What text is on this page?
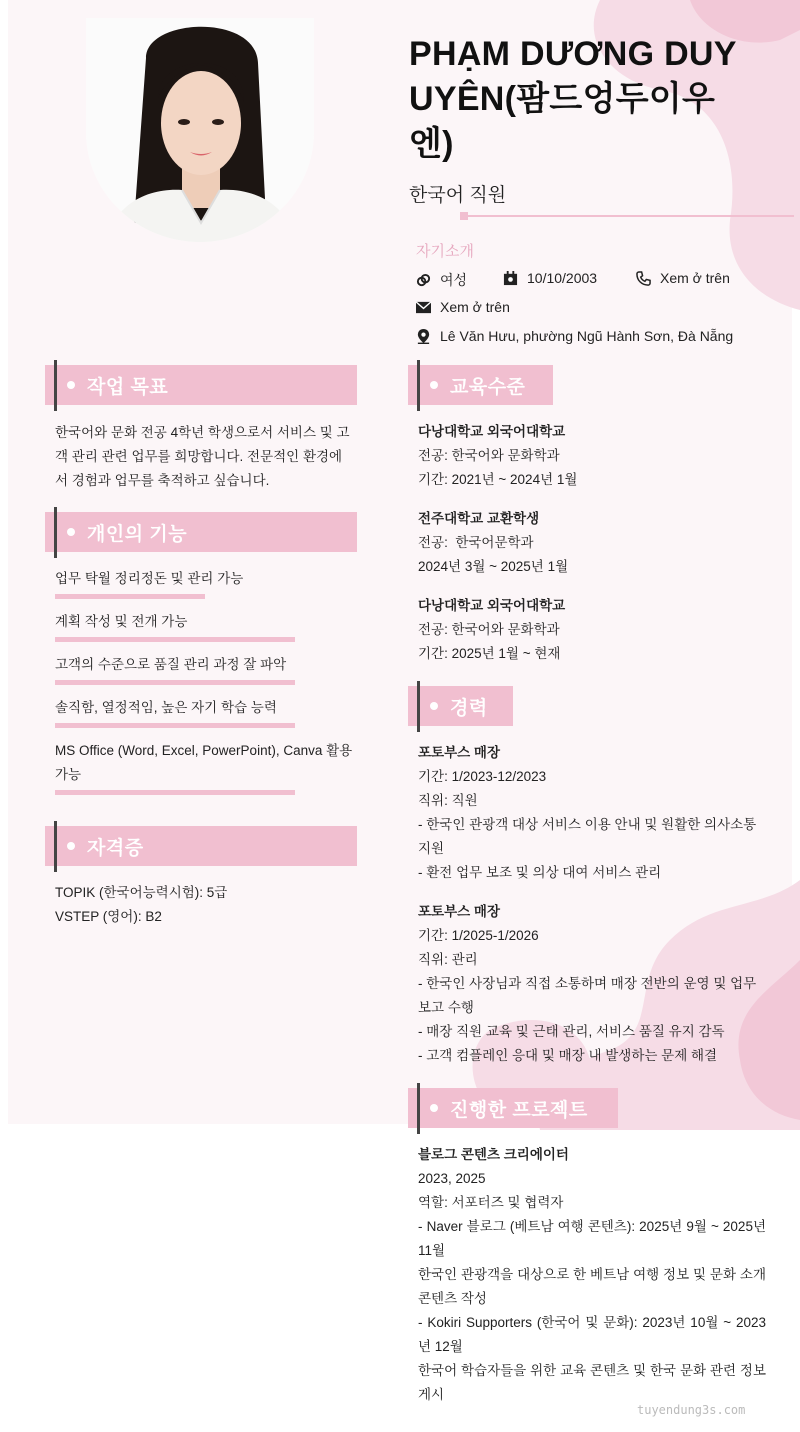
PHẠM DƯƠNG DUY UYÊN(팜드엉두이우엔)
한국어 직원
자기소개
여성	10/10/2003	Xem ở trên
Xem ở trên
Lê Văn Hưu, phường Ngũ Hành Sơn, Đà Nẵng
작업 목표
한국어와 문화 전공 4학년 학생으로서 서비스 및 고객 관리 관련 업무를 희망합니다. 전문적인 환경에서 경험과 업무를 축적하고 싶습니다.
개인의 기능
업무 탁월 정리정돈 및 관리 가능
계획 작성 및 전개 가능
고객의 수준으로 품질 관리 과정 잘 파악
솔직함, 열정적임, 높은 자기 학습 능력
MS Office (Word, Excel, PowerPoint), Canva 활용 가능
자격증
TOPIK (한국어능력시험): 5급
VSTEP (영어): B2
교육수준
다낭대학교 외국어대학교
전공: 한국어와 문화학과
기간: 2021년 ~ 2024년 1월
전주대학교 교환학생
전공:  한국어문학과
2024년 3월 ~ 2025년 1월
다낭대학교 외국어대학교
전공: 한국어와 문화학과
기간: 2025년 1월 ~ 현재
경력
포토부스 매장
기간: 1/2023-12/2023
직위: 직원
- 한국인 관광객 대상 서비스 이용 안내 및 원활한 의사소통 지원
- 환전 업무 보조 및 의상 대여 서비스 관리
포토부스 매장
기간: 1/2025-1/2026
직위: 관리
- 한국인 사장님과 직접 소통하며 매장 전반의 운영 및 업무 보고 수행
- 매장 직원 교육 및 근태 관리, 서비스 품질 유지 감독
- 고객 컴플레인 응대 및 매장 내 발생하는 문제 해결
진행한 프로젝트
블로그 콘텐츠 크리에이터
2023, 2025
역할: 서포터즈 및 협력자
- Naver 블로그 (베트남 여행 콘텐츠): 2025년 9월 ~ 2025년 11월
한국인 관광객을 대상으로 한 베트남 여행 정보 및 문화 소개 콘텐츠 작성
- Kokiri Supporters (한국어 및 문화): 2023년 10월 ~ 2023년 12월
한국어 학습자들을 위한 교육 콘텐츠 및 한국 문화 관련 정보 게시
tuyendung3s.com
